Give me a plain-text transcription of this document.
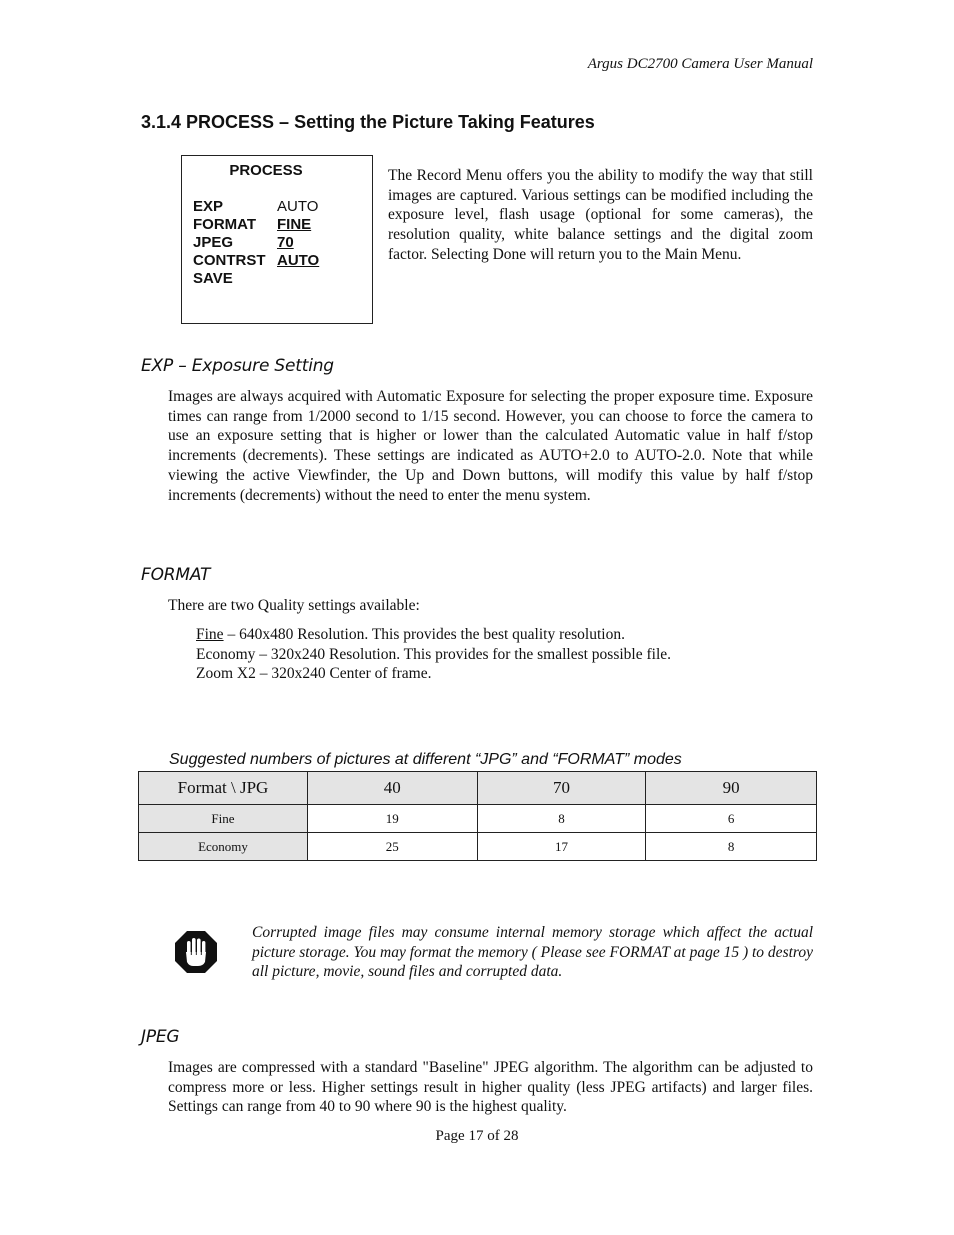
Argus DC2700 Camera User Manual
3.1.4 PROCESS – Setting the Picture Taking Features
PROCESS
EXP	AUTO
FORMAT FINE
JPEG	70
CONTRST AUTO
SAVE
The Record Menu offers you the ability to modify the way that still images are captured. Various settings can be modified including the exposure level, flash usage (optional for some cameras), the resolution quality, white balance settings and the digital zoom factor. Selecting Done will return you to the Main Menu.
EXP – Exposure Setting
Images are always acquired with Automatic Exposure for selecting the proper exposure time. Exposure times can range from 1/2000 second to 1/15 second. However, you can choose to force the camera to use an exposure setting that is higher or lower than the calculated Automatic value in half f/stop increments (decrements). These settings are indicated as AUTO+2.0 to AUTO-2.0. Note that while viewing the active Viewfinder, the Up and Down buttons, will modify this value by half f/stop increments (decrements) without the need to enter the menu system.
FORMAT
There are two Quality settings available:
Fine – 640x480 Resolution. This provides the best quality resolution.
Economy – 320x240 Resolution. This provides for the smallest possible file.
Zoom X2 – 320x240 Center of frame.
Suggested numbers of pictures at different “JPG” and “FORMAT” modes
Format \ JPG	40	70	90
Fine	19	8	6
Economy	25	17	8
Corrupted image files may consume internal memory storage which affect the actual picture storage. You may format the memory ( Please see FORMAT at page 15 ) to destroy all picture, movie, sound files and corrupted data.
JPEG
Images are compressed with a standard "Baseline" JPEG algorithm. The algorithm can be adjusted to compress more or less. Higher settings result in higher quality (less JPEG artifacts) and larger files. Settings can range from 40 to 90 where 90 is the highest quality.
Page 17 of 28
